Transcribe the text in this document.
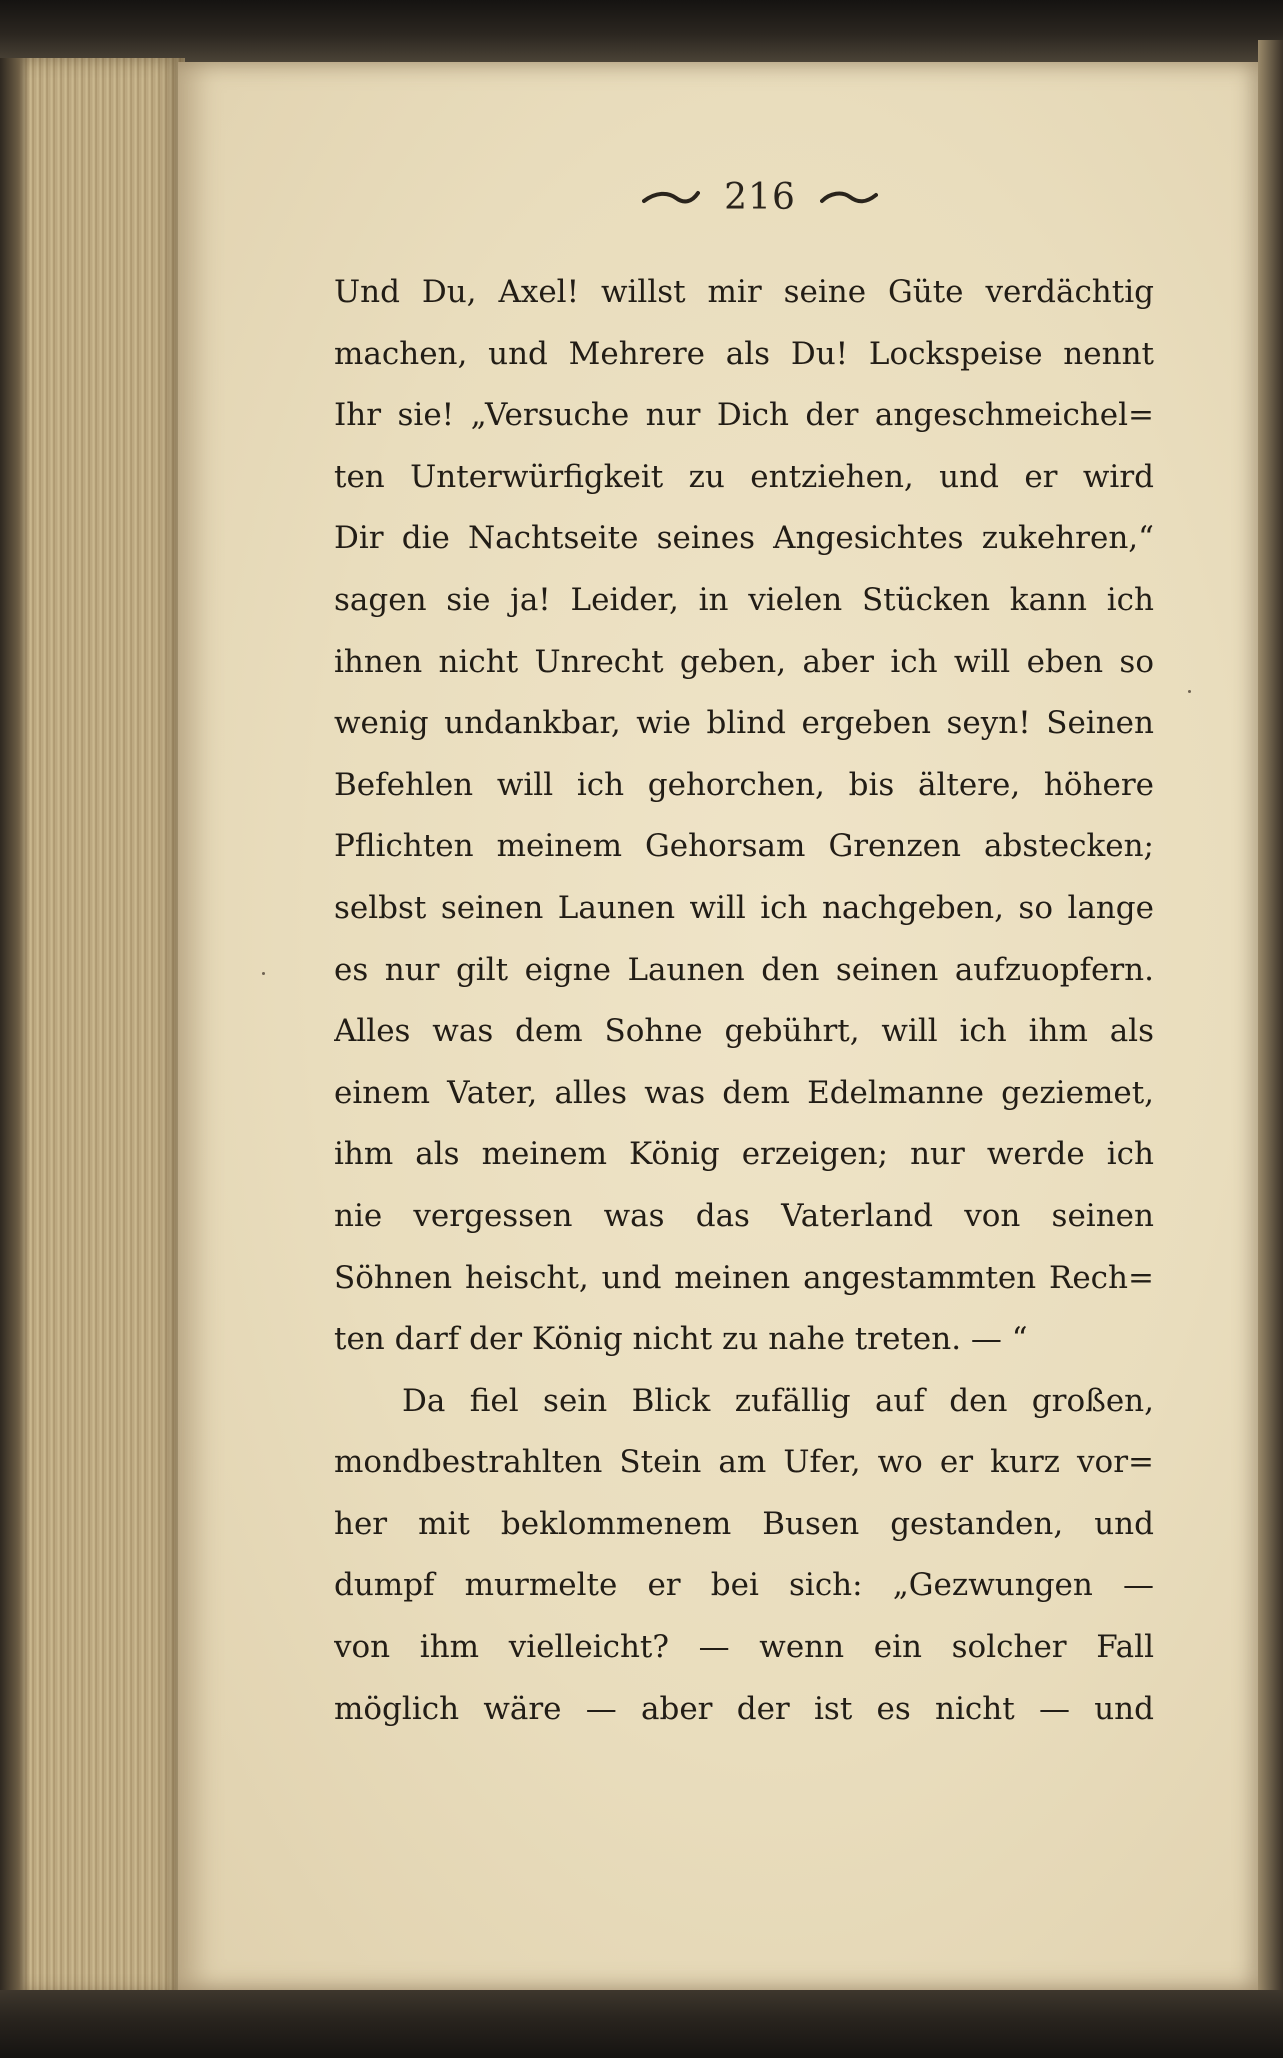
216
Und Du, Axel! willst mir seine Güte verdächtig
machen, und Mehrere als Du! Lockspeise nennt
Ihr sie! „Versuche nur Dich der angeschmeichel=
ten Unterwürfigkeit zu entziehen, und er wird
Dir die Nachtseite seines Angesichtes zukehren,“
sagen sie ja! Leider, in vielen Stücken kann ich
ihnen nicht Unrecht geben, aber ich will eben so
wenig undankbar, wie blind ergeben seyn! Seinen
Befehlen will ich gehorchen, bis ältere, höhere
Pflichten meinem Gehorsam Grenzen abstecken;
selbst seinen Launen will ich nachgeben, so lange
es nur gilt eigne Launen den seinen aufzuopfern.
Alles was dem Sohne gebührt, will ich ihm als
einem Vater, alles was dem Edelmanne geziemet,
ihm als meinem König erzeigen; nur werde ich
nie vergessen was das Vaterland von seinen
Söhnen heischt, und meinen angestammten Rech=
ten darf der König nicht zu nahe treten. — “
Da fiel sein Blick zufällig auf den großen,
mondbestrahlten Stein am Ufer, wo er kurz vor=
her mit beklommenem Busen gestanden, und
dumpf murmelte er bei sich: „Gezwungen —
von ihm vielleicht? — wenn ein solcher Fall
möglich wäre — aber der ist es nicht — und
